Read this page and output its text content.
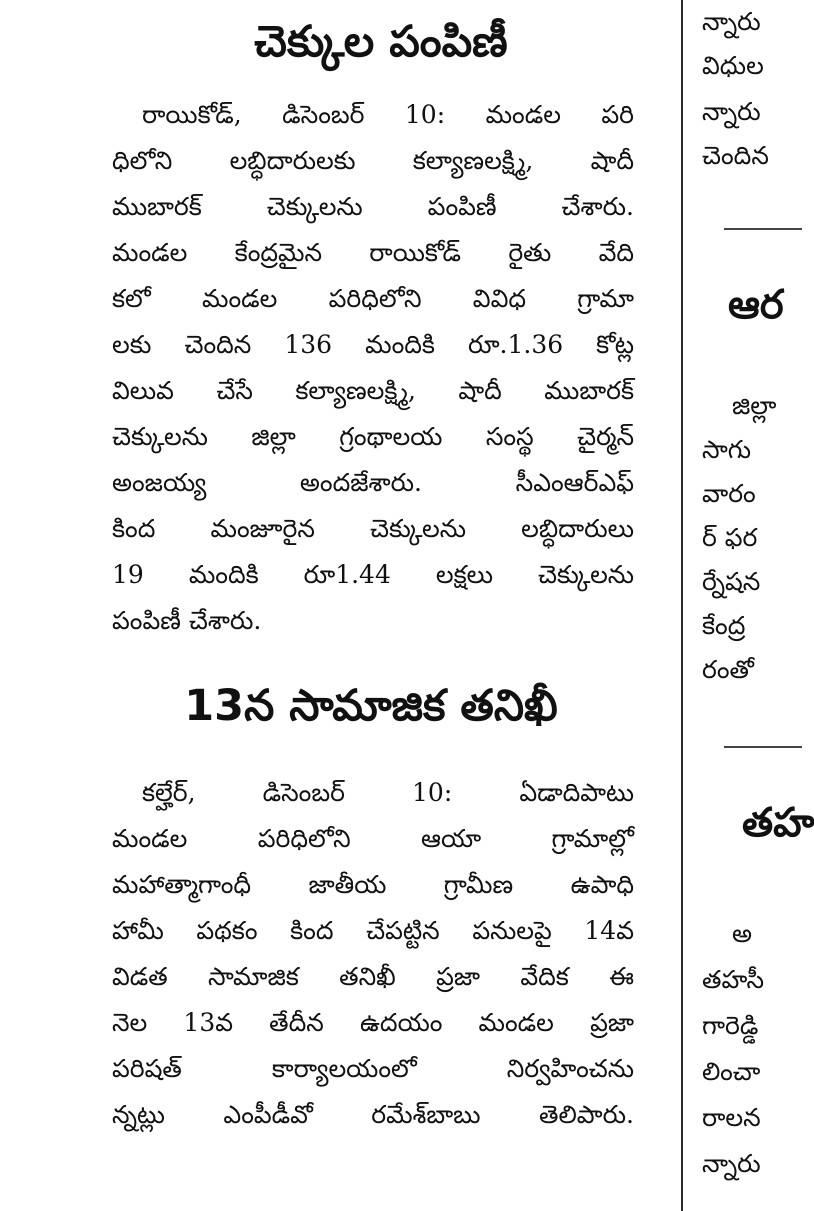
చెక్కుల పంపిణీ
రాయికోడ్, డిసెంబర్ 10: మండల పరి
ధిలోని లబ్ధిదారులకు కల్యాణలక్ష్మి, షాదీ
ముబారక్ చెక్కులను పంపిణీ చేశారు.
మండల కేంద్రమైన రాయికోడ్ రైతు వేది
కలో మండల పరిధిలోని వివిధ గ్రామా
లకు చెందిన 136 మందికి రూ.1.36 కోట్ల
విలువ చేసే కల్యాణలక్ష్మి, షాదీ ముబారక్
చెక్కులను జిల్లా గ్రంథాలయ సంస్థ చైర్మన్
అంజయ్య అందజేశారు. సీఎంఆర్ఎఫ్
కింద మంజూరైన చెక్కులను లబ్ధిదారులు
19 మందికి రూ1.44 లక్షలు చెక్కులను
పంపిణీ చేశారు.
13న సామాజిక తనిఖీ
కల్హేర్, డిసెంబర్ 10: ఏడాదిపాటు
మండల పరిధిలోని ఆయా గ్రామాల్లో
మహాత్మాగాంధీ జాతీయ గ్రామీణ ఉపాధి
హామీ పథకం కింద చేపట్టిన పనులపై 14వ
విడత సామాజిక తనిఖీ ప్రజా వేదిక ఈ
నెల 13వ తేదీన ఉదయం మండల ప్రజా
పరిషత్ కార్యాలయంలో నిర్వహించను
న్నట్లు ఎంపీడీవో రమేశ్‌బాబు తెలిపారు.
న్నారు
విధుల
న్నారు
చెందిన
ఆర
జిల్లా
సాగు
వారం
ర్ ఫర
ర్నేషన
కేంద్ర
రంతో
తహ
అ
తహసీ
గారెడ్డి
లించా
రాలన
న్నారు
